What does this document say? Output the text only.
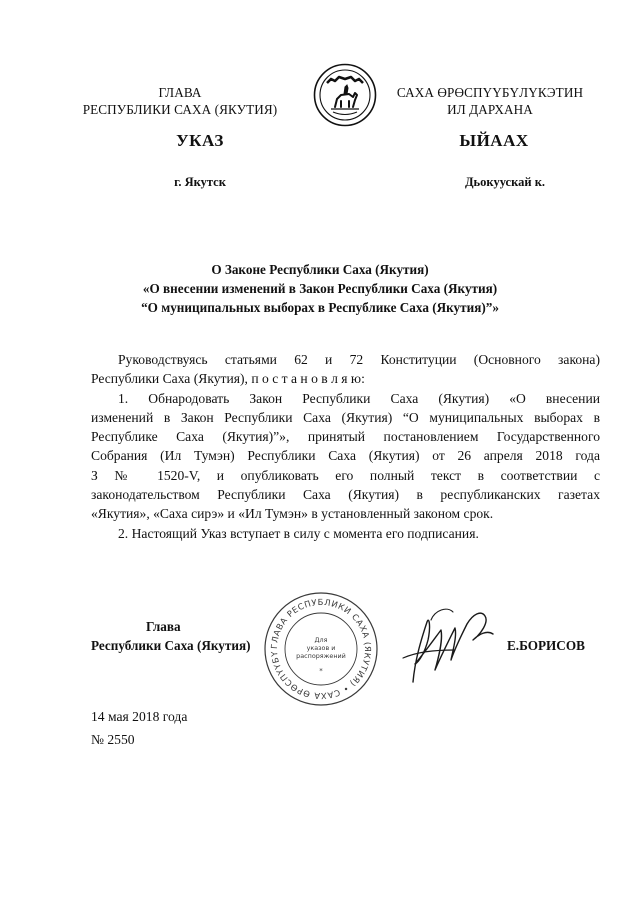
ГЛАВА
РЕСПУБЛИКИ САХА (ЯКУТИЯ)
САХА ӨРӨСПҮҮБҮЛҮКЭТИН
ИЛ ДАРХАНА
УКАЗ	ЫЙААХ
г. Якутск	Дьокуускай к.
О Законе Республики Саха (Якутия)
«О внесении изменений в Закон Республики Саха (Якутия)
“О муниципальных выборах в Республике Саха (Якутия)”»
Руководствуясь статьями 62 и 72 Конституции (Основного закона)
Республики Саха (Якутия), п о с т а н о в л я ю:
1. Обнародовать Закон Республики Саха (Якутия) «О внесении
изменений в Закон Республики Саха (Якутия) “О муниципальных выборах в
Республике Саха (Якутия)”», принятый постановлением Государственного
Собрания (Ил Тумэн) Республики Саха (Якутия) от 26 апреля 2018 года
З № 1520-V, и опубликовать его полный текст в соответствии с
законодательством Республики Саха (Якутия) в республиканских газетах
«Якутия», «Саха сирэ» и «Ил Тумэн» в установленный законом срок.
2. Настоящий Указ вступает в силу с момента его подписания.
ГЛАВА РЕСПУБЛИКИ САХА (ЯКУТИЯ) • САХА ӨРӨСПҮҮБҮЛҮКЭТИН ИЛ ДАРХАНА •
Для
указов и
распоряжений
*
Глава
Республики Саха (Якутия)	Е.БОРИСОВ
14 мая 2018 года
№ 2550
